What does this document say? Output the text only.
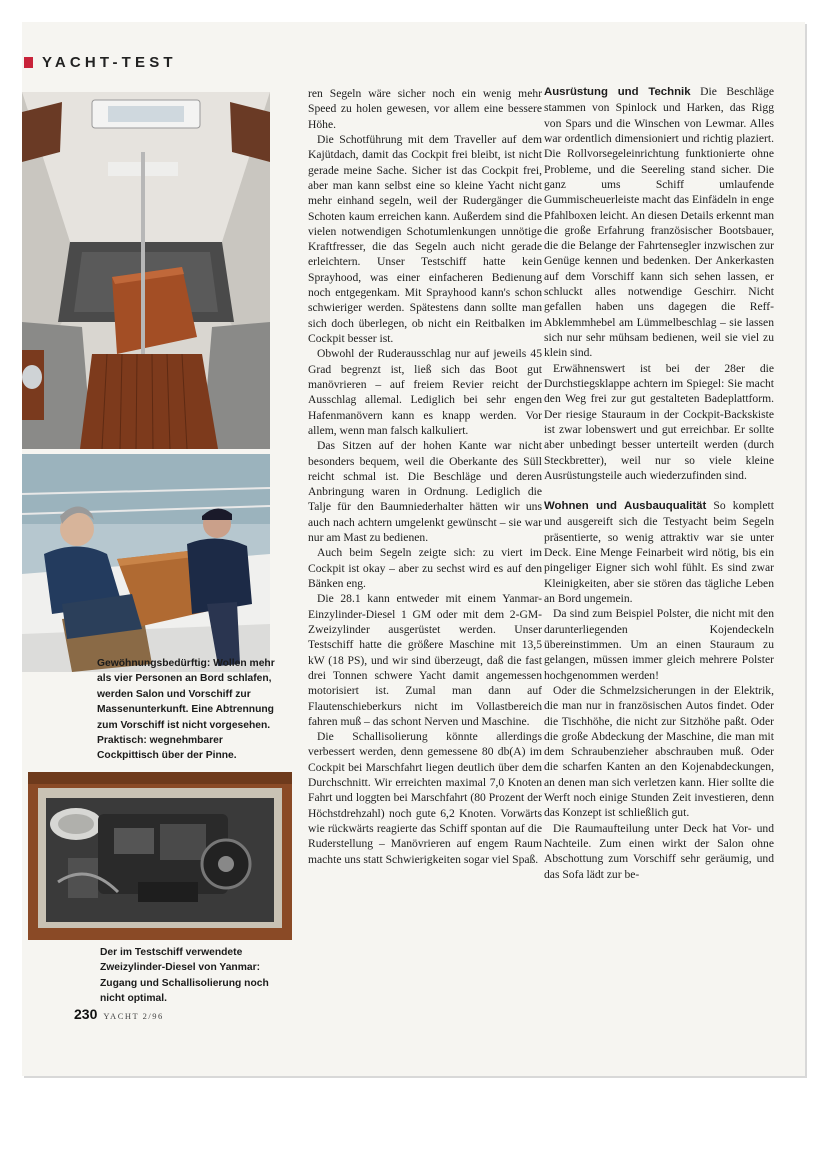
YACHT-TEST
Gewöhnungsbedürftig: Wollen mehr als vier Personen an Bord schlafen, werden Salon und Vorschiff zur Massenunterkunft. Eine Abtrennung zum Vorschiff ist nicht vorgesehen. Praktisch: wegnehmbarer Cockpittisch über der Pinne.
Der im Testschiff verwendete Zweizylinder-Diesel von Yanmar: Zugang und Schallisolierung noch nicht optimal.

ren Segeln wäre sicher noch ein wenig mehr Speed zu holen gewesen, vor allem eine bessere Höhe.

Die Schotführung mit dem Traveller auf dem Kajütdach, damit das Cockpit frei bleibt, ist nicht gerade meine Sache. Sicher ist das Cockpit frei, aber man kann selbst eine so kleine Yacht nicht mehr einhand segeln, weil der Rudergänger die Schoten kaum erreichen kann. Außerdem sind die vielen notwendigen Schotumlenkungen unnötige Kraftfresser, die das Segeln auch nicht gerade erleichtern. Unser Testschiff hatte kein Sprayhood, was einer einfacheren Bedienung noch entgegenkam. Mit Sprayhood kann's schon schwieriger werden. Spätestens dann sollte man sich doch überlegen, ob nicht ein Reitbalken im Cockpit besser ist.

Obwohl der Ruderausschlag nur auf jeweils 45 Grad begrenzt ist, ließ sich das Boot gut manövrieren – auf freiem Revier reicht der Ausschlag allemal. Lediglich bei sehr engen Hafenmanövern kann es knapp werden. Vor allem, wenn man falsch kalkuliert.

Das Sitzen auf der hohen Kante war nicht besonders bequem, weil die Oberkante des Süll reicht schmal ist. Die Beschläge und deren Anbringung waren in Ordnung. Lediglich die Talje für den Baumniederhalter hätten wir uns auch nach achtern umgelenkt gewünscht – sie war nur am Mast zu bedienen.

Auch beim Segeln zeigte sich: zu viert im Cockpit ist okay – aber zu sechst wird es auf den Bänken eng.

Die 28.1 kann entweder mit einem Yanmar-Einzylinder-Diesel 1 GM oder mit dem 2-GM-Zweizylinder ausgerüstet werden. Unser Testschiff hatte die größere Maschine mit 13,5 kW (18 PS), und wir sind überzeugt, daß die fast drei Tonnen schwere Yacht damit angemessen motorisiert ist. Zumal man dann auf Flautenschieberkurs nicht im Vollastbereich fahren muß – das schont Nerven und Maschine.

Die Schallisolierung könnte allerdings verbessert werden, denn gemessene 80 db(A) im Cockpit bei Marschfahrt liegen deutlich über dem Durchschnitt. Wir erreichten maximal 7,0 Knoten Fahrt und loggten bei Marschfahrt (80 Prozent der Höchstdrehzahl) noch gute 6,2 Knoten. Vorwärts wie rückwärts reagierte das Schiff spontan auf die Ruderstellung – Manövrieren auf engem Raum machte uns statt Schwierigkeiten sogar viel Spaß.

Ausrüstung und Technik Die Beschläge stammen von Spinlock und Harken, das Rigg von Spars und die Winschen von Lewmar. Alles war ordentlich dimensioniert und richtig plaziert. Die Rollvorsegeleinrichtung funktionierte ohne Probleme, und die Seereling stand sicher. Die ganz ums Schiff umlaufende Gummischeuerleiste macht das Einfädeln in enge Pfahlboxen leicht. An diesen Details erkennt man die große Erfahrung französischer Bootsbauer, die die Belange der Fahrtensegler inzwischen zur Genüge kennen und bedenken. Der Ankerkasten auf dem Vorschiff kann sich sehen lassen, er schluckt alles notwendige Geschirr. Nicht gefallen haben uns dagegen die Reff-Abklemmhebel am Lümmelbeschlag – sie lassen sich nur sehr mühsam bedienen, weil sie viel zu klein sind.

Erwähnenswert ist bei der 28er die Durchstiegsklappe achtern im Spiegel: Sie macht den Weg frei zur gut gestalteten Badeplattform. Der riesige Stauraum in der Cockpit-Backskiste ist zwar lobenswert und gut erreichbar. Er sollte aber unbedingt besser unterteilt werden (durch Steckbretter), weil nur so viele kleine Ausrüstungsteile auch wiederzufinden sind.

Wohnen und Ausbauqualität So komplett und ausgereift sich die Testyacht beim Segeln präsentierte, so wenig attraktiv war sie unter Deck. Eine Menge Feinarbeit wird nötig, bis ein pingeliger Eigner sich wohl fühlt. Es sind zwar Kleinigkeiten, aber sie stören das tägliche Leben an Bord ungemein.

Da sind zum Beispiel Polster, die nicht mit den darunterliegenden Kojendeckeln übereinstimmen. Um an einen Stauraum zu gelangen, müssen immer gleich mehrere Polster hochgenommen werden!

Oder die Schmelzsicherungen in der Elektrik, die man nur in französischen Autos findet. Oder die Tischhöhe, die nicht zur Sitzhöhe paßt. Oder die große Abdeckung der Maschine, die man mit dem Schraubenzieher abschrauben muß. Oder die scharfen Kanten an den Kojenabdeckungen, an denen man sich verletzen kann. Hier sollte die Werft noch einige Stunden Zeit investieren, denn das Konzept ist schließlich gut.

Die Raumaufteilung unter Deck hat Vor- und Nachteile. Zum einen wirkt der Salon ohne Abschottung zum Vorschiff sehr geräumig, und das Sofa lädt zur be-

230 YACHT 2/96
